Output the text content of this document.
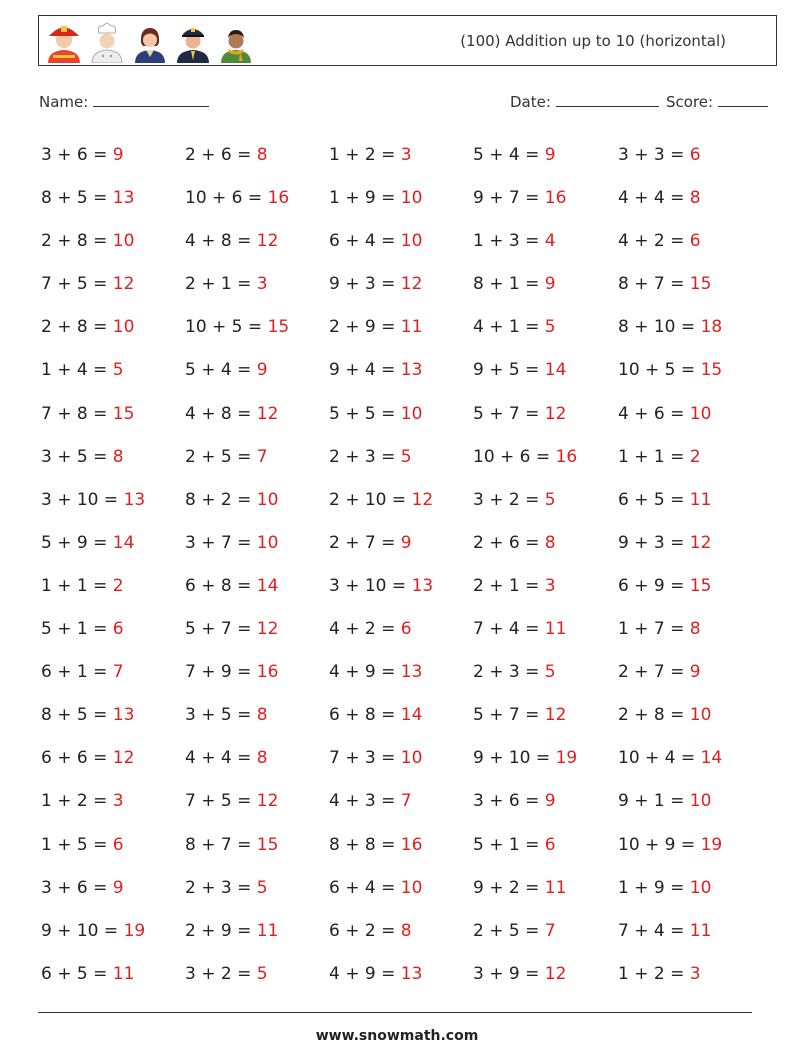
(100) Addition up to 10 (horizontal)
Name:	Date:	Score:
3 + 6 = 9	2 + 6 = 8	1 + 2 = 3	5 + 4 = 9	3 + 3 = 6
8 + 5 = 13	10 + 6 = 16 1 + 9 = 10	9 + 7 = 16	4 + 4 = 8
2 + 8 = 10	4 + 8 = 12	6 + 4 = 10	1 + 3 = 4	4 + 2 = 6
7 + 5 = 12	2 + 1 = 3	9 + 3 = 12	8 + 1 = 9	8 + 7 = 15
2 + 8 = 10	10 + 5 = 15 2 + 9 = 11	4 + 1 = 5	8 + 10 = 18
1 + 4 = 5	5 + 4 = 9	9 + 4 = 13	9 + 5 = 14	10 + 5 = 15
7 + 8 = 15	4 + 8 = 12	5 + 5 = 10	5 + 7 = 12	4 + 6 = 10
3 + 5 = 8	2 + 5 = 7	2 + 3 = 5	10 + 6 = 16 1 + 1 = 2
3 + 10 = 13 8 + 2 = 10	2 + 10 = 12 3 + 2 = 5	6 + 5 = 11
5 + 9 = 14	3 + 7 = 10	2 + 7 = 9	2 + 6 = 8	9 + 3 = 12
1 + 1 = 2	6 + 8 = 14	3 + 10 = 13 2 + 1 = 3	6 + 9 = 15
5 + 1 = 6	5 + 7 = 12	4 + 2 = 6	7 + 4 = 11	1 + 7 = 8
6 + 1 = 7	7 + 9 = 16	4 + 9 = 13	2 + 3 = 5	2 + 7 = 9
8 + 5 = 13	3 + 5 = 8	6 + 8 = 14	5 + 7 = 12	2 + 8 = 10
6 + 6 = 12	4 + 4 = 8	7 + 3 = 10	9 + 10 = 19 10 + 4 = 14
1 + 2 = 3	7 + 5 = 12	4 + 3 = 7	3 + 6 = 9	9 + 1 = 10
1 + 5 = 6	8 + 7 = 15	8 + 8 = 16	5 + 1 = 6	10 + 9 = 19
3 + 6 = 9	2 + 3 = 5	6 + 4 = 10	9 + 2 = 11	1 + 9 = 10
9 + 10 = 19 2 + 9 = 11	6 + 2 = 8	2 + 5 = 7	7 + 4 = 11
6 + 5 = 11	3 + 2 = 5	4 + 9 = 13	3 + 9 = 12	1 + 2 = 3
www.snowmath.com
